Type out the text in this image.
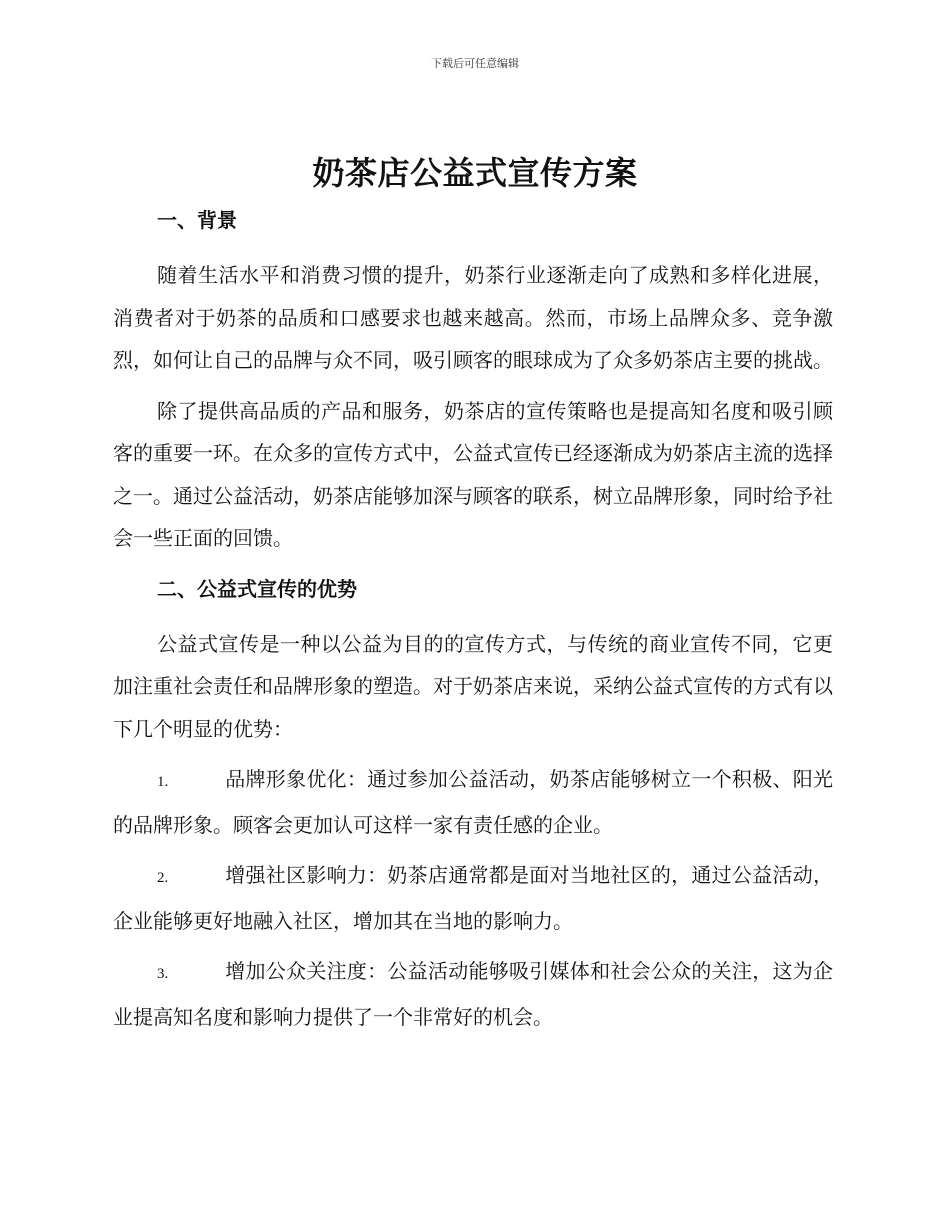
下载后可任意编辑
奶茶店公益式宣传方案

一、背景

随着生活水平和消费习惯的提升，奶茶行业逐渐走向了成熟和多样化进展，消费者对于奶茶的品质和口感要求也越来越高。然而，市场上品牌众多、竞争激烈，如何让自己的品牌与众不同，吸引顾客的眼球成为了众多奶茶店主要的挑战。

除了提供高品质的产品和服务，奶茶店的宣传策略也是提高知名度和吸引顾客的重要一环。在众多的宣传方式中，公益式宣传已经逐渐成为奶茶店主流的选择之一。通过公益活动，奶茶店能够加深与顾客的联系，树立品牌形象，同时给予社会一些正面的回馈。

二、公益式宣传的优势

公益式宣传是一种以公益为目的的宣传方式，与传统的商业宣传不同，它更加注重社会责任和品牌形象的塑造。对于奶茶店来说，采纳公益式宣传的方式有以下几个明显的优势：

1.	品牌形象优化：通过参加公益活动，奶茶店能够树立一个积极、阳光的品牌形象。顾客会更加认可这样一家有责任感的企业。

2.	增强社区影响力：奶茶店通常都是面对当地社区的，通过公益活动，企业能够更好地融入社区，增加其在当地的影响力。

3.	增加公众关注度：公益活动能够吸引媒体和社会公众的关注，这为企业提高知名度和影响力提供了一个非常好的机会。
